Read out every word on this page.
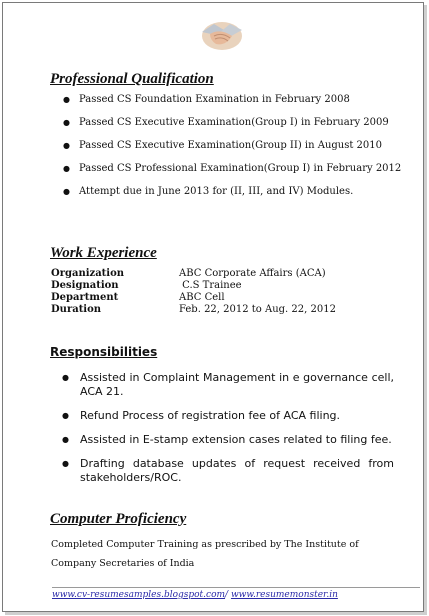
Professional Qualification
● Passed CS Foundation Examination in February 2008
● Passed CS Executive Examination(Group I) in February 2009
● Passed CS Executive Examination(Group II) in August 2010
● Passed CS Professional Examination(Group I) in February 2012
● Attempt due in June 2013 for (II, III, and IV) Modules.
Work Experience
Organization	ABC Corporate Affairs (ACA)
Designation	C.S Trainee
Department	ABC Cell
Duration	Feb. 22, 2012 to Aug. 22, 2012
Responsibilities
● Assisted in Complaint Management in e governance cell, ACA 21.
● Refund Process of registration fee of ACA filing.
● Assisted in E-stamp extension cases related to filing fee.
● Drafting database updates of request received from stakeholders/ROC.
Computer Proficiency
Completed Computer Training as prescribed by The Institute of Company Secretaries of India
www.cv-resumesamples.blogspot.com/ www.resumemonster.in
